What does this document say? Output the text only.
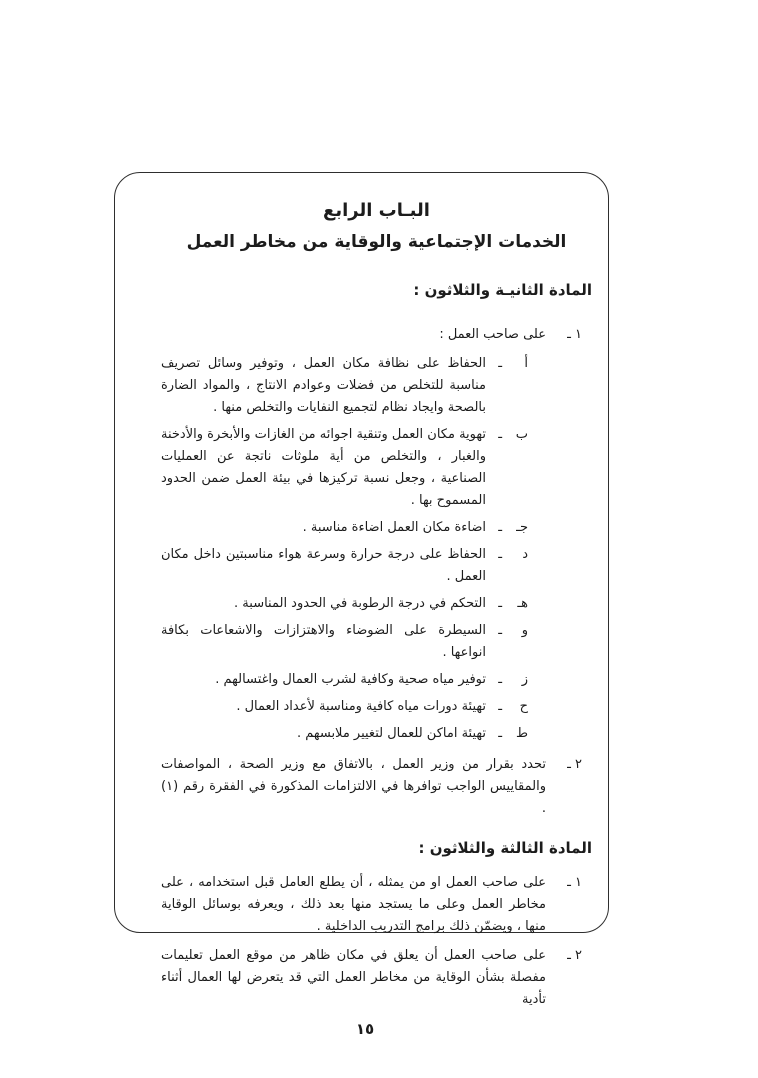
البـاب الرابع
الخدمات الإجتماعية والوقاية من مخاطر العمل
المادة الثانيـة والثلاثون :
١ ـ
على صاحب العمل :
أ
ـ
الحفاظ على نظافة مكان العمل ، وتوفير وسائل تصريف مناسبة للتخلص من فضلات وعوادم الانتاج ، والمواد الضارة بالصحة وايجاد نظام لتجميع النفايات والتخلص منها .
ب
ـ
تهوية مكان العمل وتنقية اجوائه من الغازات والأبخرة والأدخنة والغبار ، والتخلص من أية ملوثات ناتجة عن العمليات الصناعية ، وجعل نسبة تركيزها في بيئة العمل ضمن الحدود المسموح بها .
جـ
ـ
اضاءة مكان العمل اضاءة مناسبة .
د
ـ
الحفاظ على درجة حرارة وسرعة هواء مناسبتين داخل مكان العمل .
هـ
ـ
التحكم في درجة الرطوبة في الحدود المناسبة .
و
ـ
السيطرة على الضوضاء والاهتزازات والاشعاعات بكافة انواعها .
ز
ـ
توفير مياه صحية وكافية لشرب العمال واغتسالهم .
ح
ـ
تهيئة دورات مياه كافية ومناسبة لأعداد العمال .
ط
ـ
تهيئة اماكن للعمال لتغيير ملابسهم .
٢ ـ
تحدد بقرار من وزير العمل ، بالاتفاق مع وزير الصحة ، المواصفات والمقاييس الواجب توافرها في الالتزامات المذكورة في الفقرة رقم (١) .
المادة الثالثة والثلاثون :
١ ـ
على صاحب العمل او من يمثله ، أن يطلع العامل قبل استخدامه ، على مخاطر العمل وعلى ما يستجد منها بعد ذلك ، ويعرفه بوسائل الوقاية منها ، ويضمّن ذلك برامج التدريب الداخلية .
٢ ـ
على صاحب العمل أن يعلق في مكان ظاهر من موقع العمل تعليمات مفصلة بشأن الوقاية من مخاطر العمل التي قد يتعرض لها العمال أثناء تأدية
١٥
